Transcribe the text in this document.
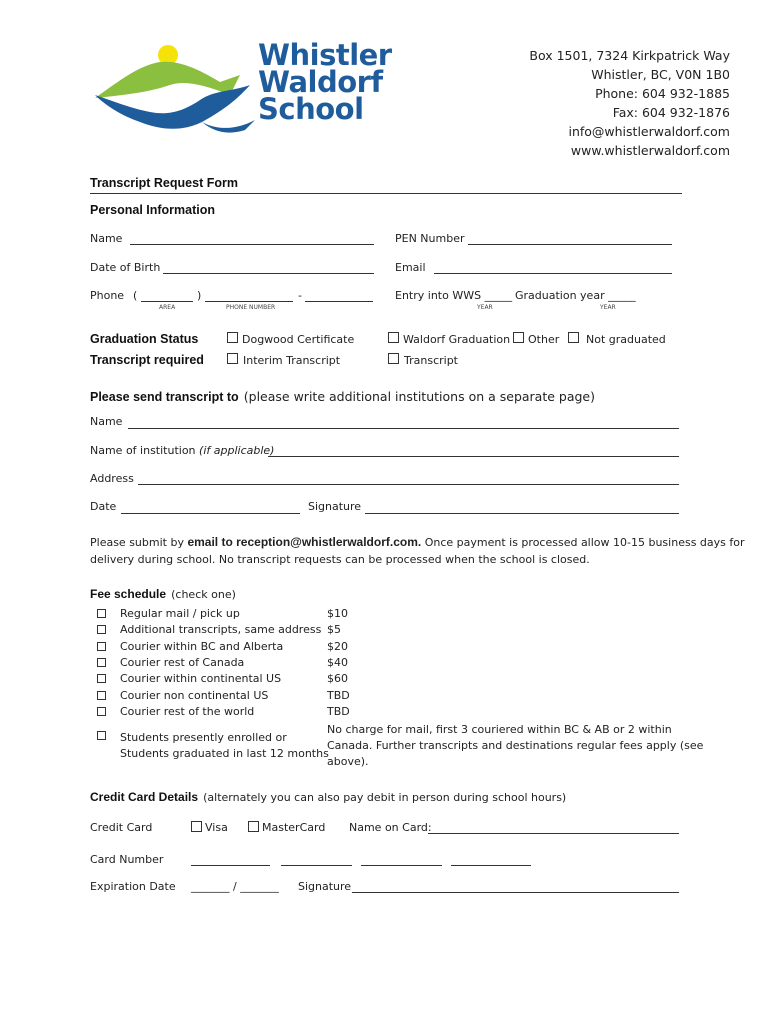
Whistler
Waldorf
School
Box 1501, 7324 Kirkpatrick Way
Whistler, BC, V0N 1B0
Phone: 604 932-1885
Fax: 604 932-1876
info@whistlerwaldorf.com
www.whistlerwaldorf.com
Transcript Request Form
Personal Information
Name	PEN Number
Date of Birth	Email
Phone (	)	-
AREA	PHONE NUMBER
Entry into WWS _____ Graduation year _____
YEAR	YEAR
Graduation Status	Dogwood Certificate	Waldorf Graduation Other Not graduated
Transcript required	Interim Transcript	Transcript
Please send transcript to (please write additional institutions on a separate page)
Name
Name of institution (if applicable)
Address
Date	Signature
Please submit by email to reception@whistlerwaldorf.com. Once payment is processed allow 10-15 business days for
delivery during school. No transcript requests can be processed when the school is closed.
Fee schedule (check one)
Regular mail / pick up	$10
Additional transcripts, same address $5
Courier within BC and Alberta	$20
Courier rest of Canada	$40
Courier within continental US	$60
Courier non continental US	TBD
Courier rest of the world	TBD
Students presently enrolled or
Students graduated in last 12 months
No charge for mail, first 3 couriered within BC & AB or 2 within
Canada. Further transcripts and destinations regular fees apply (see
above).
Credit Card Details (alternately you can also pay debit in person during school hours)
Credit Card	Visa	MasterCard Name on Card:
Card Number
Expiration Date _______ / _______ Signature
